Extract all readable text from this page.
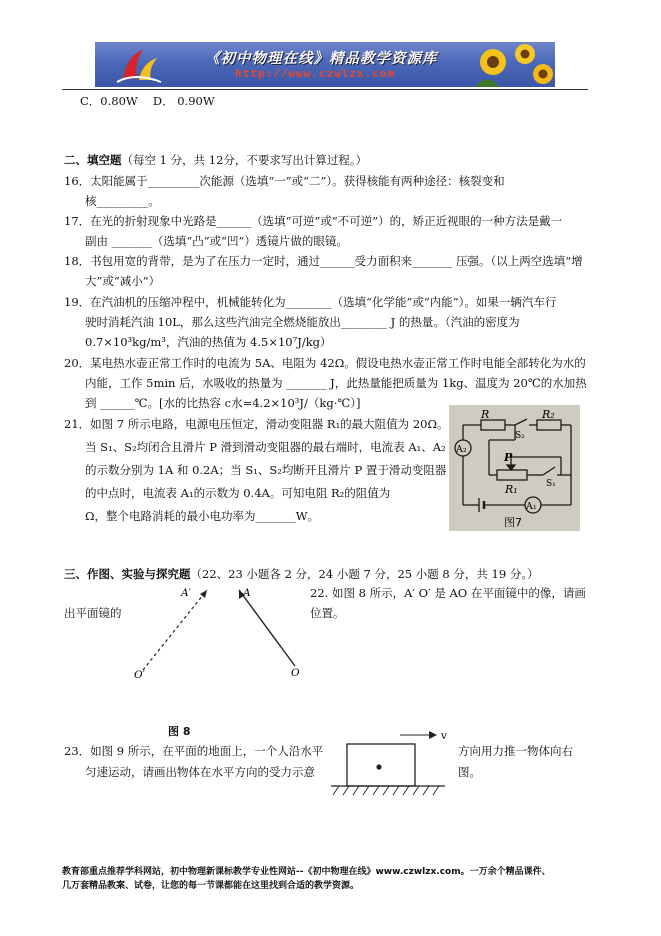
《初中物理在线》精品教学资源库
http://www.czwlzx.com
C．0.80W　 D． 0.90W
二、填空题（每空 1 分，共 12分，不要求写出计算过程。）
16．太阳能属于_________次能源（选填“一”或“二”）。获得核能有两种途径：核裂变和
核_________。
17．在光的折射现象中光路是______（选填“可逆”或“不可逆”）的，矫正近视眼的一种方法是戴一
副由 _______（选填“凸”或“凹”）透镜片做的眼镜。
18．书包用宽的背带，是为了在压力一定时，通过______受力面积来_______ 压强。（以上两空选填“增
大”或“减小”）
19．在汽油机的压缩冲程中，机械能转化为________（选填“化学能”或“内能”）。如果一辆汽车行
驶时消耗汽油 10L，那么这些汽油完全燃烧能放出________ J 的热量。（汽油的密度为
0.7×10³kg/m³，汽油的热值为 4.5×10⁷J/kg）
20．某电热水壶正常工作时的电流为 5A、电阻为 42Ω。假设电热水壶正常工作时电能全部转化为水的
内能，工作 5min 后，水吸收的热量为 _______ J，此热量能把质量为 1kg、温度为 20℃的水加热
到 ______℃。[水的比热容 c水=4.2×10³J/（kg·℃）]
21．如图 7 所示电路，电源电压恒定，滑动变阻器 R₁的最大阻值为 20Ω。
当 S₁、S₂均闭合且滑片 P 滑到滑动变阻器的最右端时，电流表 A₁、A₂
的示数分别为 1A 和 0.2A；当 S₁、S₂均断开且滑片 P 置于滑动变阻器
的中点时，电流表 A₁的示数为 0.4A。可知电阻 R₂的阻值为
Ω，整个电路消耗的最小电功率为_______W。
R	R₂
S₂
A₂
P
R₁	S₁
A₁
图7
三、作图、实验与探究题（22、23 小题各 2 分，24 小题 7 分，25 小题 8 分，共 19 分。）
22. 如图 8 所示，A′ O′ 是 AO 在平面镜中的像，请画
位置。
出平面镜的
A′	A
O′	O
图 8
23．如图 9 所示，在平面的地面上，一个人沿水平
匀速运动，请画出物体在水平方向的受力示意
方向用力推一物体向右
图。
v
教育部重点推荐学科网站，初中物理新课标教学专业性网站--《初中物理在线》www.czwlzx.com。一万余个精品课件、
几万套精品教案、试卷，让您的每一节课都能在这里找到合适的教学资源。
